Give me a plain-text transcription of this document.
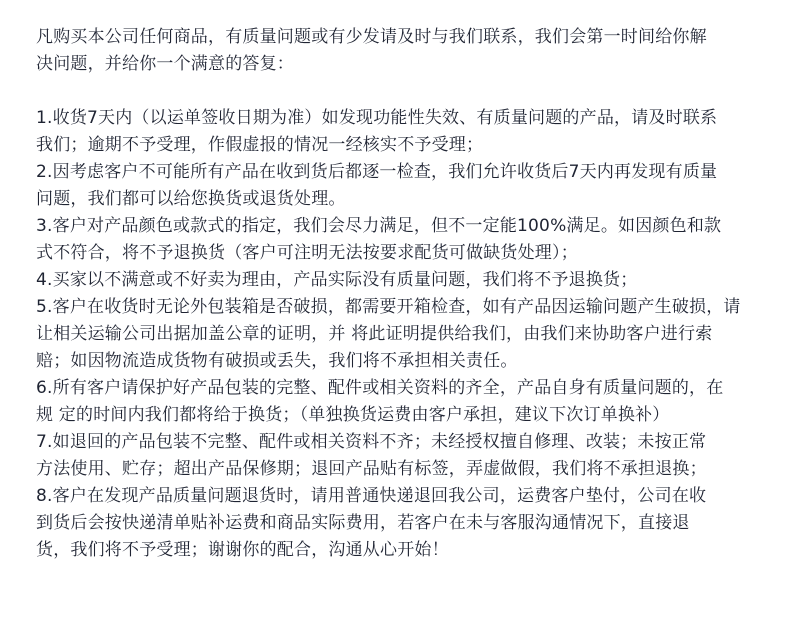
凡购买本公司任何商品，有质量问题或有少发请及时与我们联系，我们会第一时间给你解
决问题，并给你一个满意的答复：
1.收货7天内（以运单签收日期为准）如发现功能性失效、有质量问题的产品，请及时联系
我们；逾期不予受理，作假虚报的情况一经核实不予受理；
2.因考虑客户不可能所有产品在收到货后都逐一检查，我们允许收货后7天内再发现有质量
问题，我们都可以给您换货或退货处理。
3.客户对产品颜色或款式的指定，我们会尽力满足，但不一定能100%满足。如因颜色和款
式不符合，将不予退换货（客户可注明无法按要求配货可做缺货处理）；
4.买家以不满意或不好卖为理由，产品实际没有质量问题，我们将不予退换货；
5.客户在收货时无论外包装箱是否破损，都需要开箱检查，如有产品因运输问题产生破损，请
让相关运输公司出据加盖公章的证明，并 将此证明提供给我们，由我们来协助客户进行索
赔；如因物流造成货物有破损或丢失，我们将不承担相关责任。
6.所有客户请保护好产品包装的完整、配件或相关资料的齐全，产品自身有质量问题的，在
规 定的时间内我们都将给于换货；（单独换货运费由客户承担，建议下次订单换补）
7.如退回的产品包装不完整、配件或相关资料不齐；未经授权擅自修理、改装；未按正常
方法使用、贮存；超出产品保修期；退回产品贴有标签，弄虚做假，我们将不承担退换；
8.客户在发现产品质量问题退货时，请用普通快递退回我公司，运费客户垫付，公司在收
到货后会按快递清单贴补运费和商品实际费用，若客户在未与客服沟通情况下，直接退
货，我们将不予受理；谢谢你的配合，沟通从心开始！
